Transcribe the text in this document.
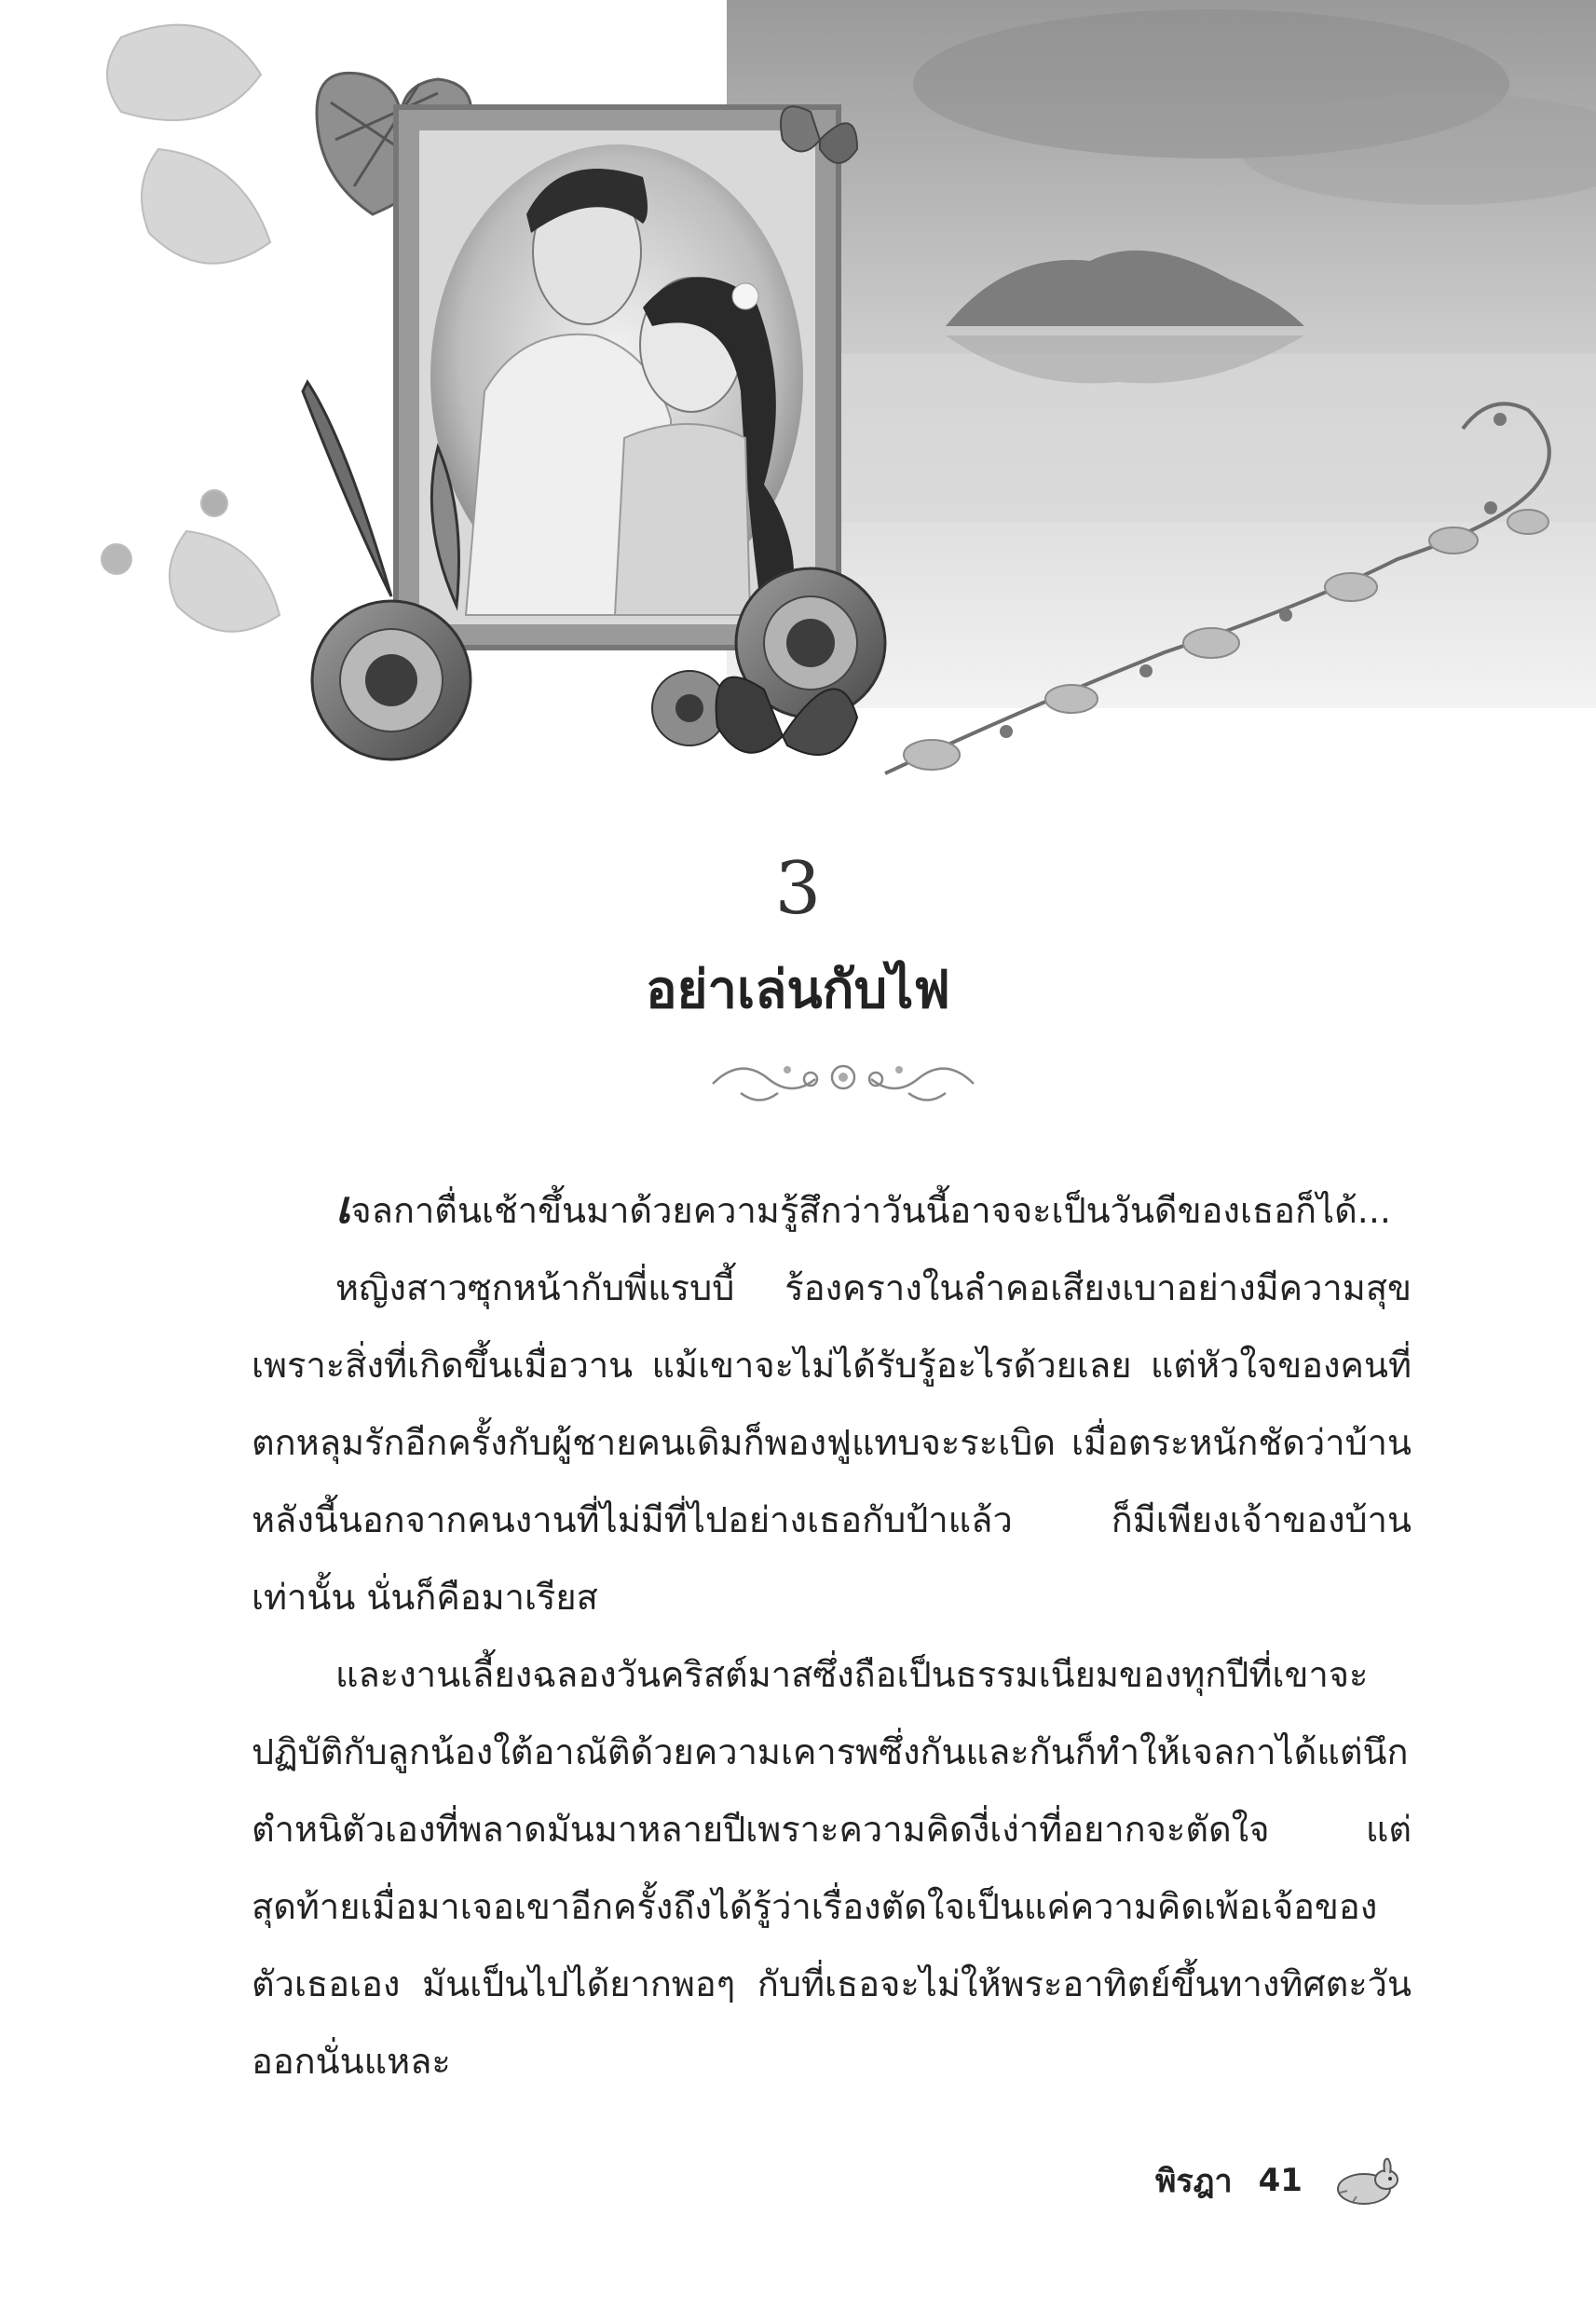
3
อย่าเล่นกับไฟ

เจลกาตื่นเช้าขึ้นมาด้วยความรู้สึกว่าวันนี้อาจจะเป็นวันดีของเธอก็ได้...

หญิงสาวซุกหน้ากับพี่แรบบี้ ร้องครางในลำคอเสียงเบาอย่างมีความสุขเพราะสิ่งที่เกิดขึ้นเมื่อวาน แม้เขาจะไม่ได้รับรู้อะไรด้วยเลย แต่หัวใจของคนที่ตกหลุมรักอีกครั้งกับผู้ชายคนเดิมก็พองฟูแทบจะระเบิด เมื่อตระหนักชัดว่าบ้านหลังนี้นอกจากคนงานที่ไม่มีที่ไปอย่างเธอกับป้าแล้ว ก็มีเพียงเจ้าของบ้านเท่านั้น นั่นก็คือมาเรียส

และงานเลี้ยงฉลองวันคริสต์มาสซึ่งถือเป็นธรรมเนียมของทุกปีที่เขาจะปฏิบัติกับลูกน้องใต้อาณัติด้วยความเคารพซึ่งกันและกันก็ทำให้เจลกาได้แต่นึกตำหนิตัวเองที่พลาดมันมาหลายปีเพราะความคิดงี่เง่าที่อยากจะตัดใจ แต่สุดท้ายเมื่อมาเจอเขาอีกครั้งถึงได้รู้ว่าเรื่องตัดใจเป็นแค่ความคิดเพ้อเจ้อของตัวเธอเอง มันเป็นไปได้ยากพอๆ กับที่เธอจะไม่ให้พระอาทิตย์ขึ้นทางทิศตะวันออกนั่นแหละ

พิรฎา 41
